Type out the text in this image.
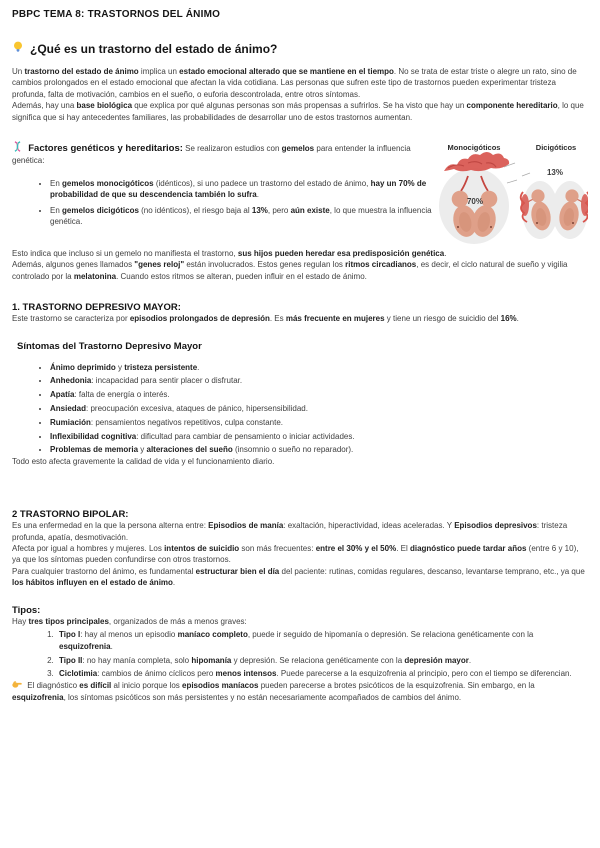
PBPC TEMA 8: TRASTORNOS DEL ÁNIMO
¿Qué es un trastorno del estado de ánimo?

Un trastorno del estado de ánimo implica un estado emocional alterado que se mantiene en el tiempo. No se trata de estar triste o alegre un rato, sino de cambios prolongados en el estado emocional que afectan la vida cotidiana. Las personas que sufren este tipo de trastornos pueden experimentar tristeza profunda, falta de motivación, cambios en el sueño, o euforia descontrolada, entre otros síntomas.

Además, hay una base biológica que explica por qué algunas personas son más propensas a sufrirlos. Se ha visto que hay un componente hereditario, lo que significa que si hay antecedentes familiares, las probabilidades de desarrollar uno de estos trastornos aumentan.

Factores genéticos y hereditarios: Se realizaron estudios con gemelos para entender la influencia genética:

• En gemelos monocigóticos (idénticos), si uno padece un trastorno del estado de ánimo, hay un 70% de probabilidad de que su descendencia también lo sufra.
• En gemelos dicigóticos (no idénticos), el riesgo baja al 13%, pero aún existe, lo que muestra la influencia genética.
Monocigóticos	Dicigóticos
70%
13%

Esto indica que incluso si un gemelo no manifiesta el trastorno, sus hijos pueden heredar esa predisposición genética.

Además, algunos genes llamados "genes reloj" están involucrados. Estos genes regulan los ritmos circadianos, es decir, el ciclo natural de sueño y vigilia controlado por la melatonina. Cuando estos ritmos se alteran, pueden influir en el estado de ánimo.

1. TRASTORNO DEPRESIVO MAYOR:

Este trastorno se caracteriza por episodios prolongados de depresión. Es más frecuente en mujeres y tiene un riesgo de suicidio del 16%.

Síntomas del Trastorno Depresivo Mayor
• Ánimo deprimido y tristeza persistente.
• Anhedonia: incapacidad para sentir placer o disfrutar.
• Apatía: falta de energía o interés.
• Ansiedad: preocupación excesiva, ataques de pánico, hipersensibilidad.
• Rumiación: pensamientos negativos repetitivos, culpa constante.
• Inflexibilidad cognitiva: dificultad para cambiar de pensamiento o iniciar actividades.
• Problemas de memoria y alteraciones del sueño (insomnio o sueño no reparador).

Todo esto afecta gravemente la calidad de vida y el funcionamiento diario.

2 TRASTORNO BIPOLAR:

Es una enfermedad en la que la persona alterna entre: Episodios de manía: exaltación, hiperactividad, ideas aceleradas. Y Episodios depresivos: tristeza profunda, apatía, desmotivación.

Afecta por igual a hombres y mujeres. Los intentos de suicidio son más frecuentes: entre el 30% y el 50%. El diagnóstico puede tardar años (entre 6 y 10), ya que los síntomas pueden confundirse con otros trastornos.

Para cualquier trastorno del ánimo, es fundamental estructurar bien el día del paciente: rutinas, comidas regulares, descanso, levantarse temprano, etc., ya que los hábitos influyen en el estado de ánimo.

Tipos:

Hay tres tipos principales, organizados de más a menos graves:

1. Tipo I: hay al menos un episodio maníaco completo, puede ir seguido de hipomanía o depresión. Se relaciona genéticamente con la esquizofrenia.
2. Tipo II: no hay manía completa, solo hipomanía y depresión. Se relaciona genéticamente con la depresión mayor.
3. Ciclotimia: cambios de ánimo cíclicos pero menos intensos. Puede parecerse a la esquizofrenia al principio, pero con el tiempo se diferencian.

El diagnóstico es difícil al inicio porque los episodios maníacos pueden parecerse a brotes psicóticos de la esquizofrenia. Sin embargo, en la esquizofrenia, los síntomas psicóticos son más persistentes y no están necesariamente acompañados de cambios del ánimo.
